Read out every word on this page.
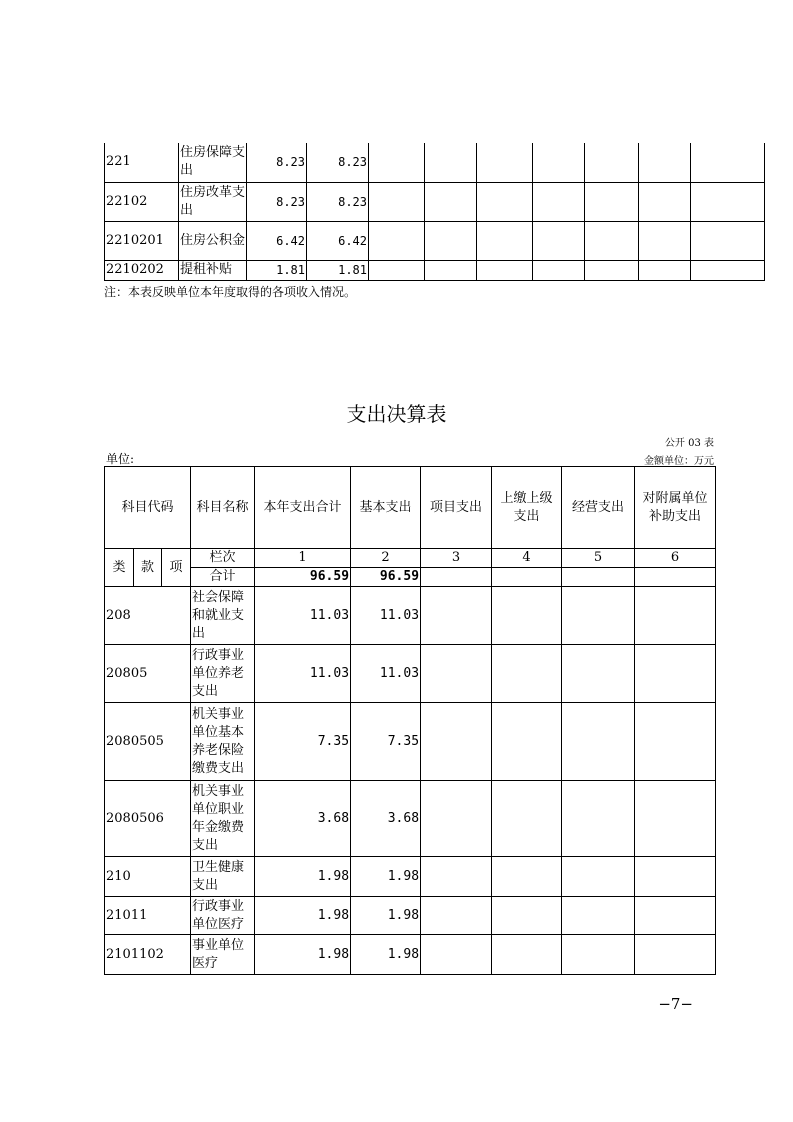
221	住房保障支出	8.23	8.23							
22102	住房改革支出	8.23	8.23							
2210201	住房公积金	6.42	6.42							
2210202	提租补贴	1.81	1.81							
注：本表反映单位本年度取得的各项收入情况。
支出决算表
公开 03 表
单位:	金额单位：万元
科目代码			科目名称	本年支出合计	基本支出	项目支出	上缴上级支出	经营支出	对附属单位补助支出
类	款	项	栏次	1	2	3	4	5	6
			合计	96.59	96.59				
208			社会保障和就业支出	11.03	11.03				
20805			行政事业单位养老支出	11.03	11.03				
2080505			机关事业单位基本养老保险缴费支出	7.35	7.35				
2080506			机关事业单位职业年金缴费支出	3.68	3.68				
210			卫生健康支出	1.98	1.98				
21011			行政事业单位医疗	1.98	1.98				
2101102			事业单位医疗	1.98	1.98				
−7−
